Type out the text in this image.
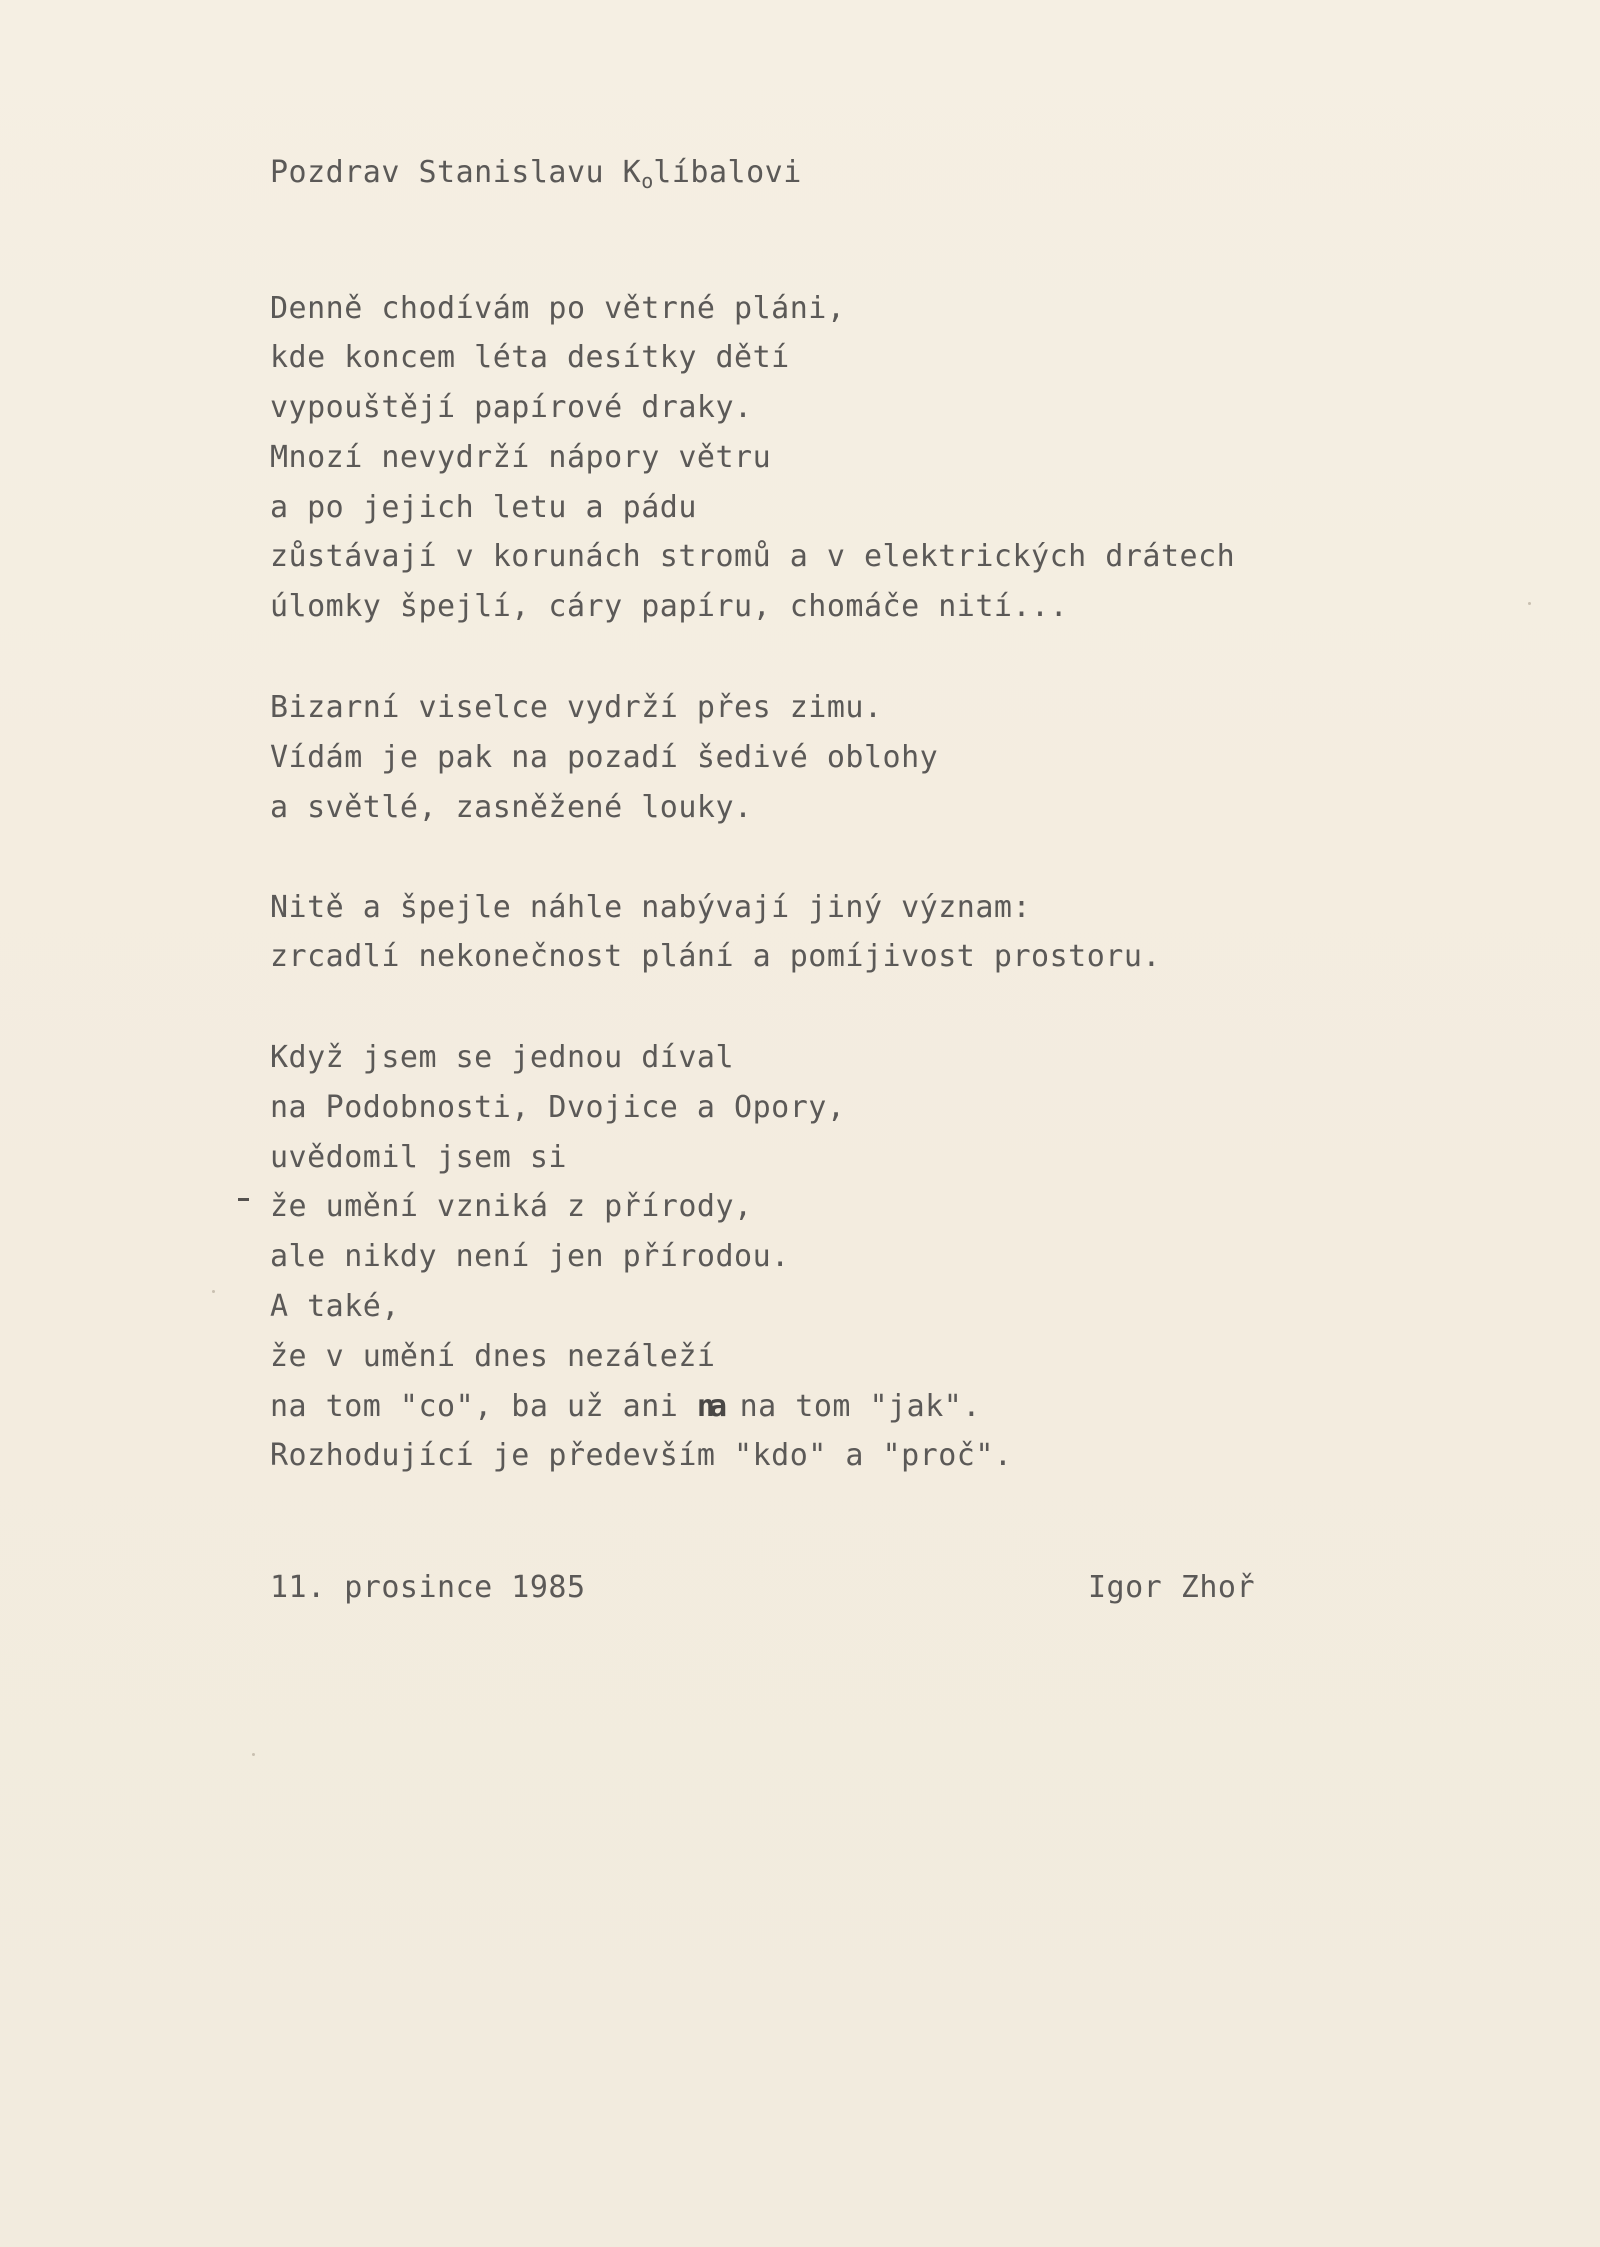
Pozdrav Stanislavu $K_olíbalovi$
Denně chodívám po větrné pláni,
kde koncem léta desítky dětí
vypouštějí papírové draky.
Mnozí nevydrží nápory větru
a po jejich letu a pádu
zůstávají v korunách stromů a v elektrických drátech
úlomky špejlí, cáry papíru, chomáče nití...
Bizarní viselce vydrží přes zimu.
Vídám je pak na pozadí šedivé oblohy
a světlé, zasněžené louky.
Nitě a špejle náhle nabývají jiný význam:
zrcadlí nekonečnost plání a pomíjivost prostoru.
Když jsem se jednou díval
na Podobnosti, Dvojice a Opory,
uvědomil jsem si
že umění vzniká z přírody,
ale nikdy není jen přírodou.
A také,
že v umění dnes nezáleží
na tom "co", ba už ani na na tom "jak".
Rozhodující je především "kdo" a "proč".
11. prosince 1985	Igor Zhoř
